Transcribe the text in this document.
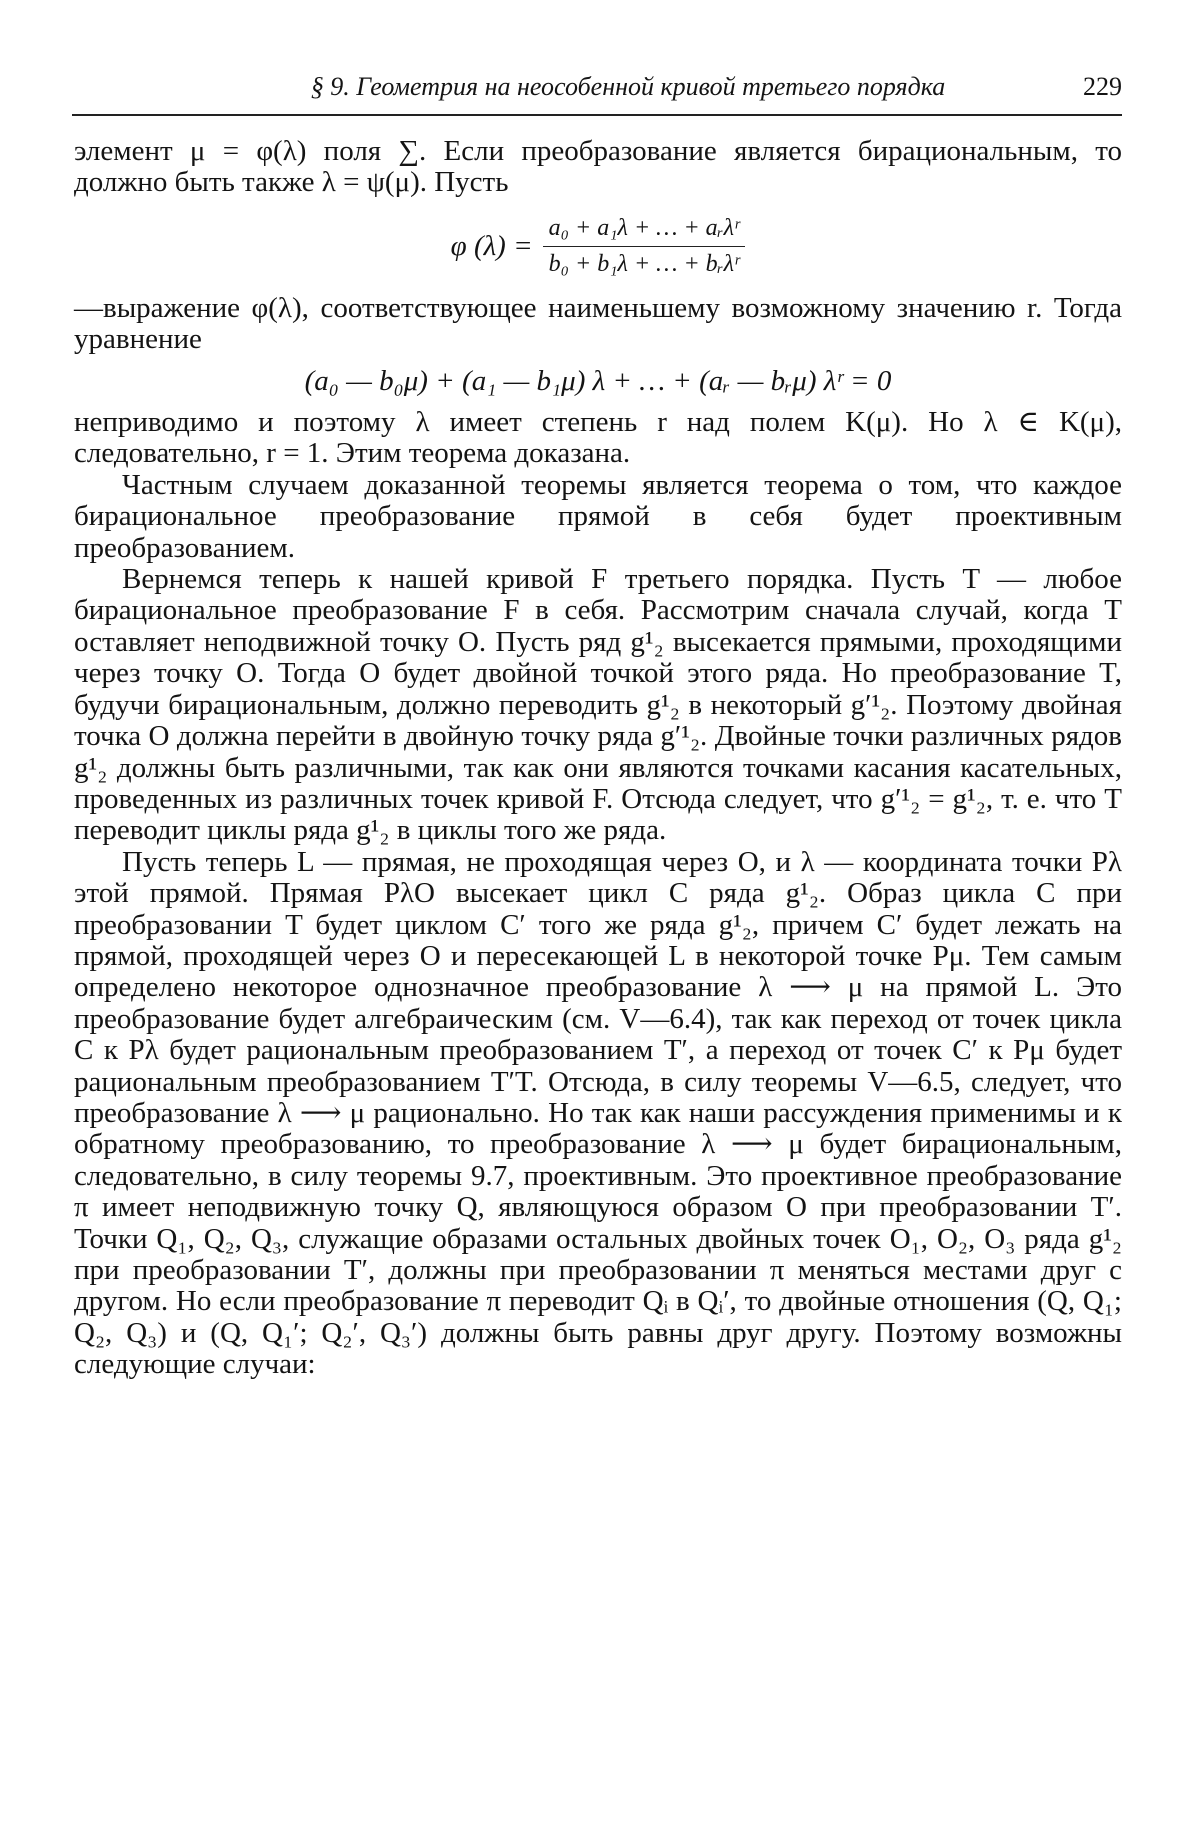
§ 9. Геометрия на неособенной кривой третьего порядка	229

элемент μ = φ(λ) поля ∑. Если преобразование является бирациональным, то должно быть также λ = ψ(μ). Пусть

φ $(\lambda) = \frac{\text{a₀ + a₁λ + … + aᵣλʳ}}{\text{b₀ + b₁λ + … + bᵣλʳ}}$

—выражение φ(λ), соответствующее наименьшему возможному значению r. Тогда уравнение

(a₀ — b₀μ) + (a₁ — b₁μ) λ + … + (aᵣ — bᵣμ) λʳ = 0

неприводимо и поэтому λ имеет степень r над полем K(μ). Но λ ∈ K(μ), следовательно, r = 1. Этим теорема доказана.

Частным случаем доказанной теоремы является теорема о том, что каждое бирациональное преобразование прямой в себя будет проективным преобразованием.

Вернемся теперь к нашей кривой F третьего порядка. Пусть T — любое бирациональное преобразование F в себя. Рассмотрим сначала случай, когда T оставляет неподвижной точку O. Пусть ряд g¹₂ высекается прямыми, проходящими через точку O. Тогда O будет двойной точкой этого ряда. Но преобразование T, будучи бирациональным, должно переводить g¹₂ в некоторый g′¹₂. Поэтому двойная точка O должна перейти в двойную точку ряда g′¹₂. Двойные точки различных рядов g¹₂ должны быть различными, так как они являются точками касания касательных, проведенных из различных точек кривой F. Отсюда следует, что g′¹₂ = g¹₂, т. е. что T переводит циклы ряда g¹₂ в циклы того же ряда.

Пусть теперь L — прямая, не проходящая через O, и λ — координата точки Pλ этой прямой. Прямая PλO высекает цикл C ряда g¹₂. Образ цикла C при преобразовании T будет циклом C′ того же ряда g¹₂, причем C′ будет лежать на прямой, проходящей через O и пересекающей L в некоторой точке Pμ. Тем самым определено некоторое однозначное преобразование λ ⟶ μ на прямой L. Это преобразование будет алгебраическим (см. V—6.4), так как переход от точек цикла C к Pλ будет рациональным преобразованием T′, а переход от точек C′ к Pμ будет рациональным преобразованием T′T. Отсюда, в силу теоремы V—6.5, следует, что преобразование λ ⟶ μ рационально. Но так как наши рассуждения применимы и к обратному преобразованию, то преобразование λ ⟶ μ будет бирациональным, следовательно, в силу теоремы 9.7, проективным. Это проективное преобразование π имеет неподвижную точку Q, являющуюся образом O при преобразовании T′. Точки Q₁, Q₂, Q₃, служащие образами остальных двойных точек O₁, O₂, O₃ ряда g¹₂ при преобразовании T′, должны при преобразовании π меняться местами друг с другом. Но если преобразование π переводит Qᵢ в Qᵢ′, то двойные отношения (Q, Q₁; Q₂, Q₃) и (Q, Q₁′; Q₂′, Q₃′) должны быть равны друг другу. Поэтому возможны следующие случаи:
